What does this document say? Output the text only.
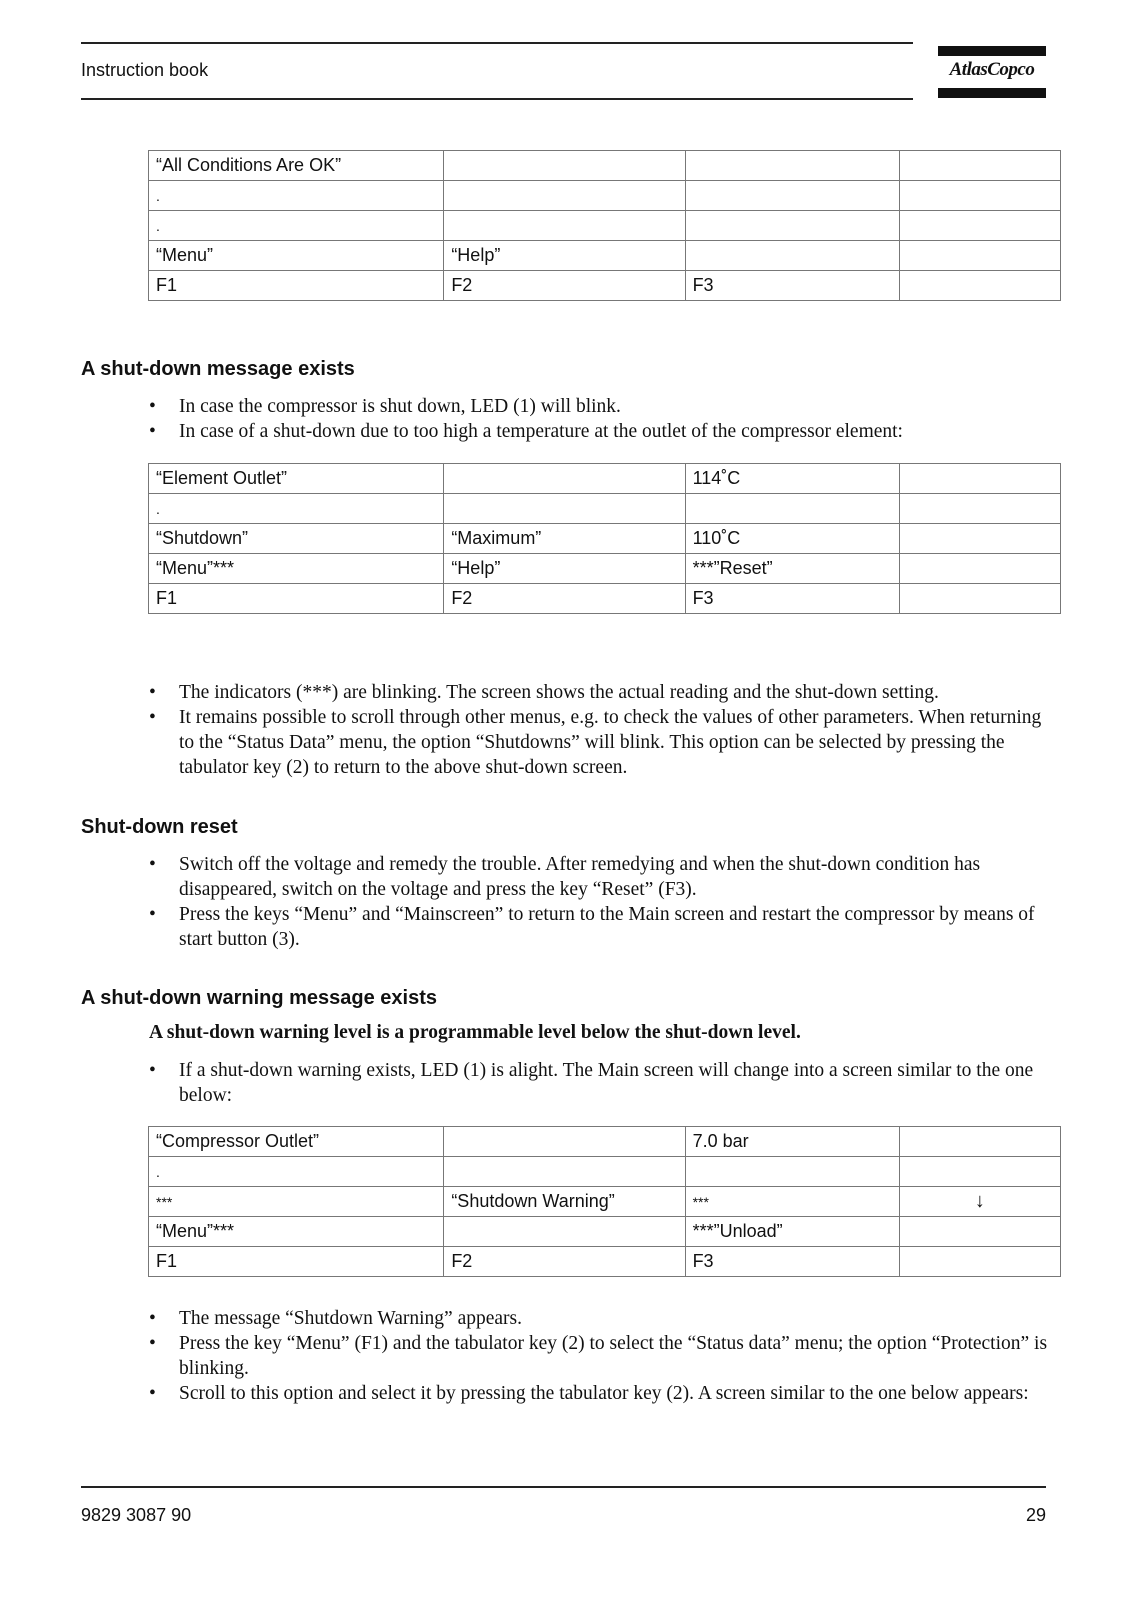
Instruction book	AtlasCopco
“All Conditions Are OK”			
.			
.			
“Menu”	“Help”		
F1	F2	F3	
A shut-down message exists
• In case the compressor is shut down, LED (1) will blink.
• In case of a shut-down due to too high a temperature at the outlet of the compressor element:
“Element Outlet”		114˚C	
.			
“Shutdown”	“Maximum”	110˚C	
“Menu”***	“Help”	***”Reset”	
F1	F2	F3	
• The indicators (***) are blinking. The screen shows the actual reading and the shut-down setting.
• It remains possible to scroll through other menus, e.g. to check the values of other parameters. When returning to the “Status Data” menu, the option “Shutdowns” will blink. This option can be selected by pressing the tabulator key (2) to return to the above shut-down screen.
Shut-down reset
• Switch off the voltage and remedy the trouble. After remedying and when the shut-down condition has disappeared, switch on the voltage and press the key “Reset” (F3).
• Press the keys “Menu” and “Mainscreen” to return to the Main screen and restart the compressor by means of start button (3).
A shut-down warning message exists
A shut-down warning level is a programmable level below the shut-down level.
• If a shut-down warning exists, LED (1) is alight. The Main screen will change into a screen similar to the one below:
“Compressor Outlet”		7.0 bar	
.			
***	“Shutdown Warning”	***	↓
“Menu”***		***”Unload”	
F1	F2	F3	
• The message “Shutdown Warning” appears.
• Press the key “Menu” (F1) and the tabulator key (2) to select the “Status data” menu; the option “Protection” is blinking.
• Scroll to this option and select it by pressing the tabulator key (2). A screen similar to the one below appears:
9829 3087 90	29
